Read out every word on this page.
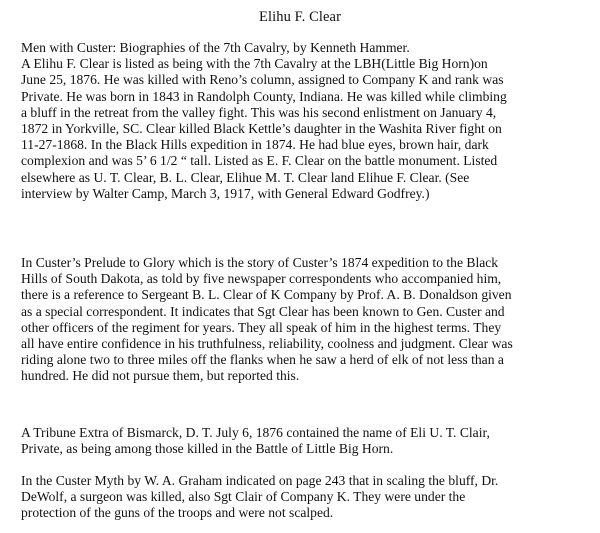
Elihu F. Clear

Men with Custer: Biographies of the 7th Cavalry, by Kenneth Hammer.
A Elihu F. Clear is listed as being with the 7th Cavalry at the LBH(Little Big Horn)on
June 25, 1876. He was killed with Reno’s column, assigned to Company K and rank was
Private. He was born in 1843 in Randolph County, Indiana. He was killed while climbing
a bluff in the retreat from the valley fight. This was his second enlistment on January 4,
1872 in Yorkville, SC. Clear killed Black Kettle’s daughter in the Washita River fight on
11-27-1868. In the Black Hills expedition in 1874. He had blue eyes, brown hair, dark
complexion and was 5’ 6 1/2 “ tall. Listed as E. F. Clear on the battle monument. Listed
elsewhere as U. T. Clear, B. L. Clear, Elihue M. T. Clear land Elihue F. Clear. (See
interview by Walter Camp, March 3, 1917, with General Edward Godfrey.)

In Custer’s Prelude to Glory which is the story of Custer’s 1874 expedition to the Black
Hills of South Dakota, as told by five newspaper correspondents who accompanied him,
there is a reference to Sergeant B. L. Clear of K Company by Prof. A. B. Donaldson given
as a special correspondent. It indicates that Sgt Clear has been known to Gen. Custer and
other officers of the regiment for years. They all speak of him in the highest terms. They
all have entire confidence in his truthfulness, reliability, coolness and judgment. Clear was
riding alone two to three miles off the flanks when he saw a herd of elk of not less than a
hundred. He did not pursue them, but reported this.

A Tribune Extra of Bismarck, D. T. July 6, 1876 contained the name of Eli U. T. Clair,
Private, as being among those killed in the Battle of Little Big Horn.

In the Custer Myth by W. A. Graham indicated on page 243 that in scaling the bluff, Dr.
DeWolf, a surgeon was killed, also Sgt Clair of Company K. They were under the
protection of the guns of the troops and were not scalped.
